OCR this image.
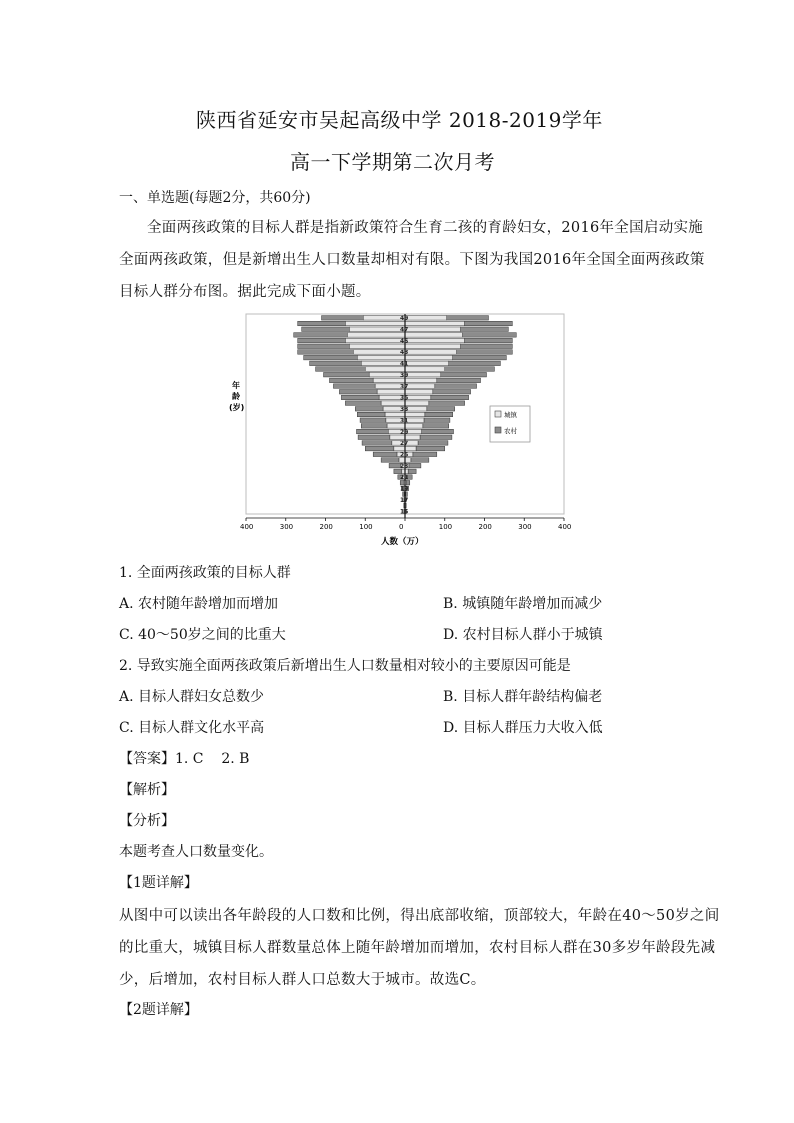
陕西省延安市吴起高级中学 2018-2019学年
高一下学期第二次月考
一、单选题(每题2分，共60分)
全面两孩政策的目标人群是指新政策符合生育二孩的育龄妇女，2016年全国启动实施
全面两孩政策，但是新增出生人口数量却相对有限。下图为我国2016年全国全面两孩政策
目标人群分布图。据此完成下面小题。
49
47
45
43
41
39
37
35
33
31
29
27
25
23
21
19
17
15
400	300	200	100	0	100	200	300	400
年 龄 (岁)
人数（万）
城镇
农村
1. 全面两孩政策的目标人群
A. 农村随年龄增加而增加	B. 城镇随年龄增加而减少
C. 40～50岁之间的比重大	D. 农村目标人群小于城镇
2. 导致实施全面两孩政策后新增出生人口数量相对较小的主要原因可能是
A. 目标人群妇女总数少	B. 目标人群年龄结构偏老
C. 目标人群文化水平高	D. 目标人群压力大收入低
【答案】1. C    2. B
【解析】
【分析】
本题考查人口数量变化。
【1题详解】
从图中可以读出各年龄段的人口数和比例，得出底部收缩，顶部较大，年龄在40～50岁之间
的比重大，城镇目标人群数量总体上随年龄增加而增加，农村目标人群在30多岁年龄段先减
少，后增加，农村目标人群人口总数大于城市。故选C。
【2题详解】
